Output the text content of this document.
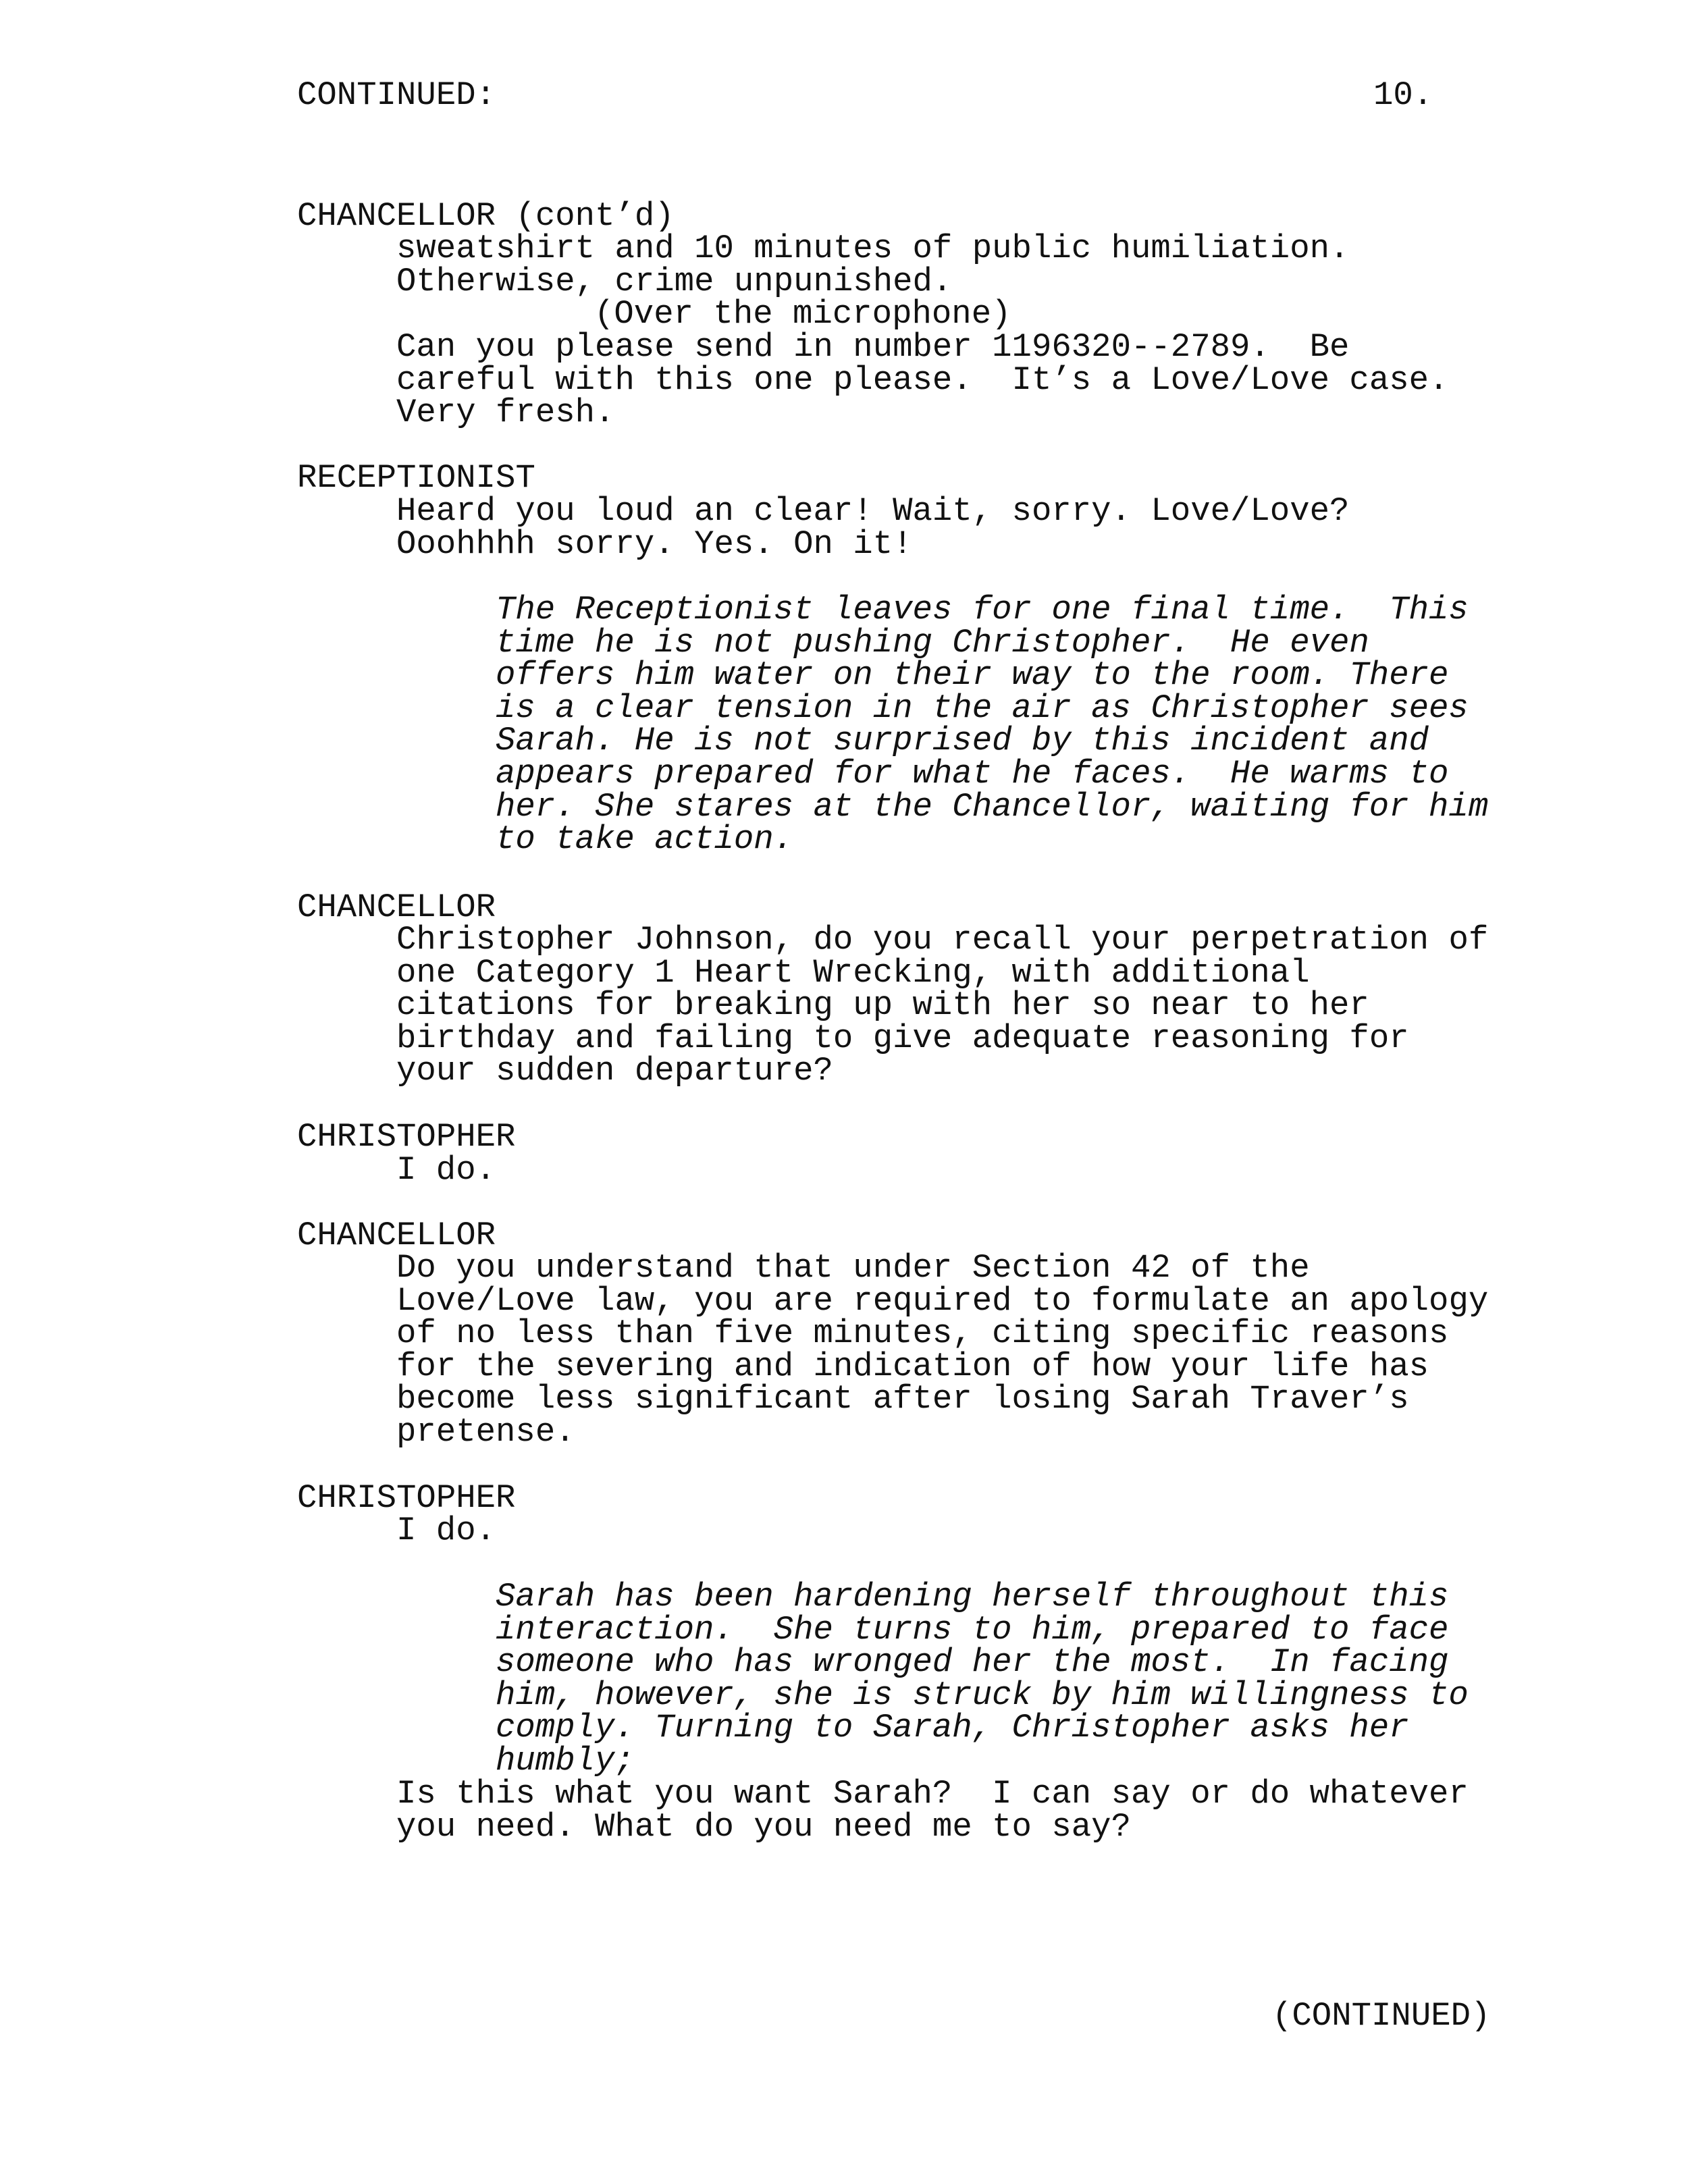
CONTINUED:	10.
CHANCELLOR (cont’d)
sweatshirt and 10 minutes of public humiliation.
Otherwise, crime unpunished.
(Over the microphone)
Can you please send in number 1196320--2789.  Be
careful with this one please.  It’s a Love/Love case.
Very fresh.
RECEPTIONIST
Heard you loud an clear! Wait, sorry. Love/Love?
Ooohhhh sorry. Yes. On it!
The Receptionist leaves for one final time.  This
time he is not pushing Christopher.  He even
offers him water on their way to the room. There
is a clear tension in the air as Christopher sees
Sarah. He is not surprised by this incident and
appears prepared for what he faces.  He warms to
her. She stares at the Chancellor, waiting for him
to take action.
CHANCELLOR
Christopher Johnson, do you recall your perpetration of
one Category 1 Heart Wrecking, with additional
citations for breaking up with her so near to her
birthday and failing to give adequate reasoning for
your sudden departure?
CHRISTOPHER
I do.
CHANCELLOR
Do you understand that under Section 42 of the
Love/Love law, you are required to formulate an apology
of no less than five minutes, citing specific reasons
for the severing and indication of how your life has
become less significant after losing Sarah Traver’s
pretense.
CHRISTOPHER
I do.
Sarah has been hardening herself throughout this
interaction.  She turns to him, prepared to face
someone who has wronged her the most.  In facing
him, however, she is struck by him willingness to
comply. Turning to Sarah, Christopher asks her
humbly;
Is this what you want Sarah?  I can say or do whatever
you need. What do you need me to say?
(CONTINUED)
